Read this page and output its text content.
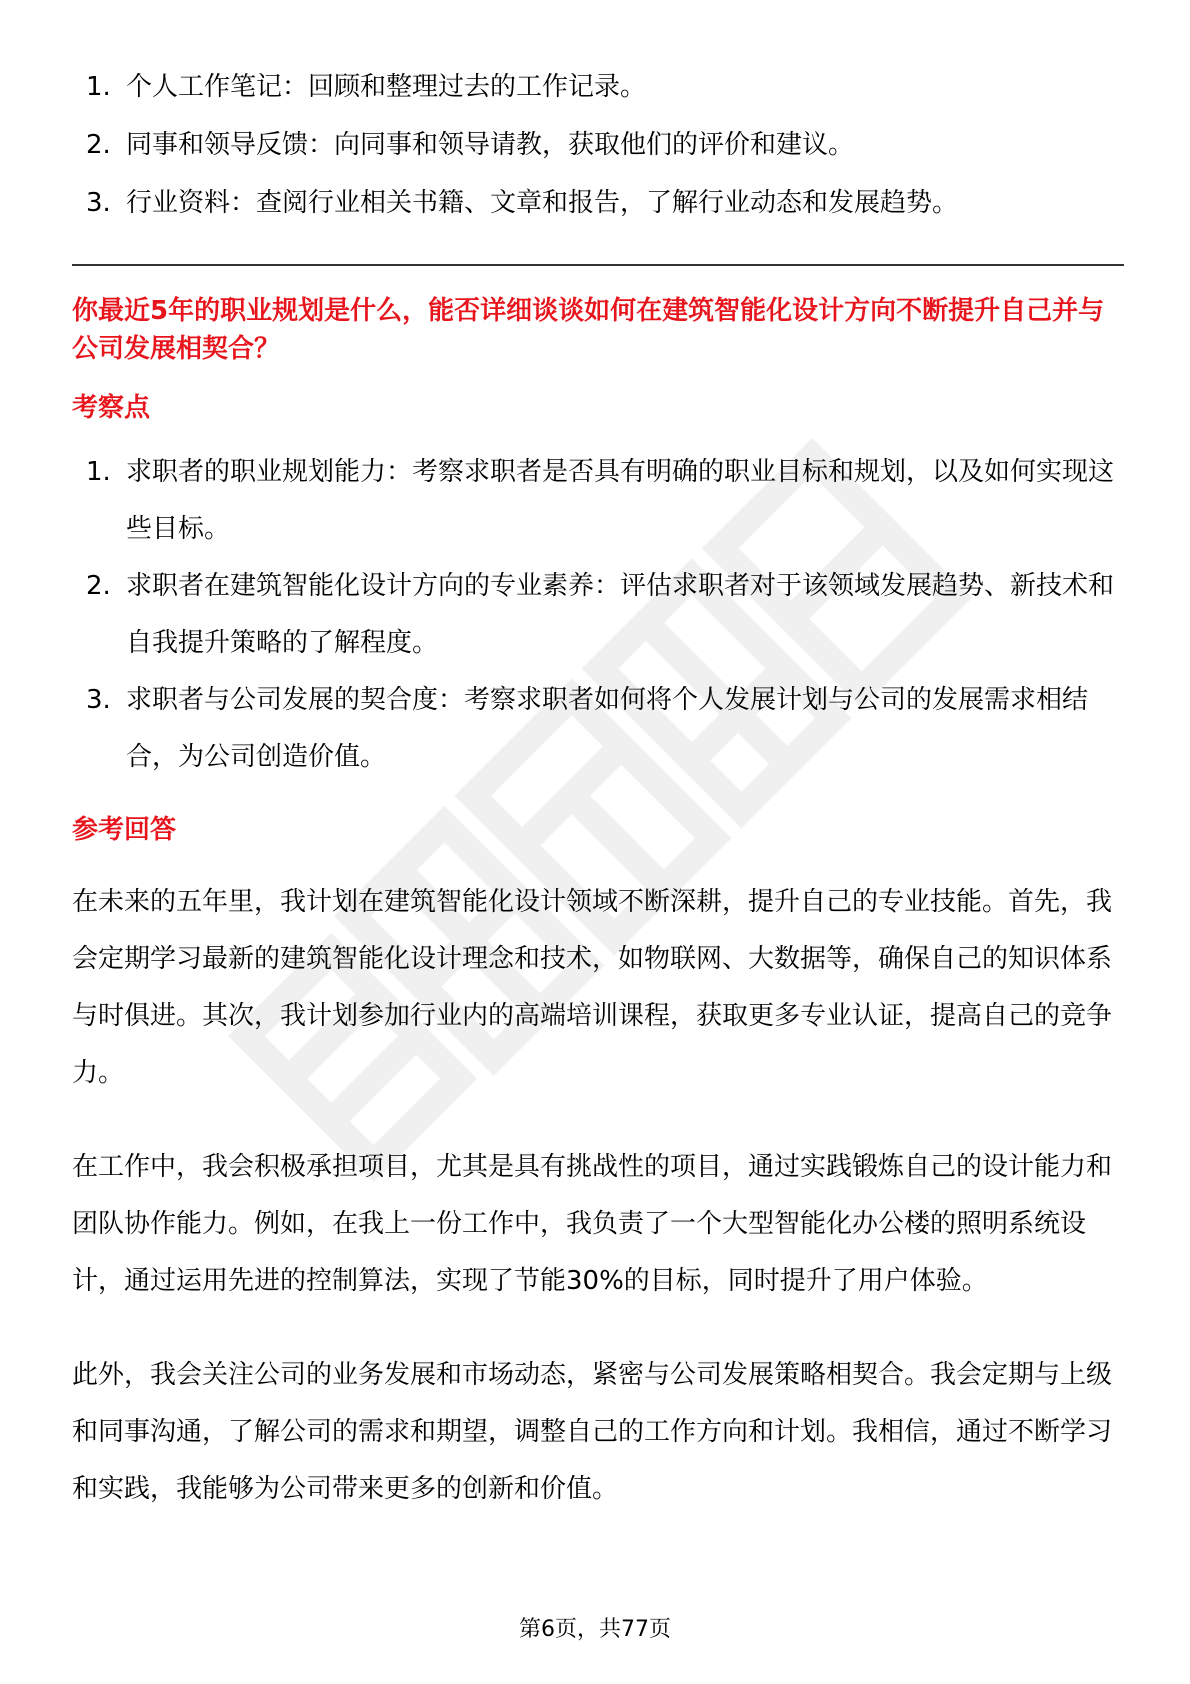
1. 个人工作笔记：回顾和整理过去的工作记录。
2. 同事和领导反馈：向同事和领导请教，获取他们的评价和建议。
3. 行业资料：查阅行业相关书籍、文章和报告，了解行业动态和发展趋势。
你最近5年的职业规划是什么，能否详细谈谈如何在建筑智能化设计方向不断提升自己并与公司发展相契合？
考察点
1. 求职者的职业规划能力：考察求职者是否具有明确的职业目标和规划，以及如何实现这些目标。
2. 求职者在建筑智能化设计方向的专业素养：评估求职者对于该领域发展趋势、新技术和自我提升策略的了解程度。
3. 求职者与公司发展的契合度：考察求职者如何将个人发展计划与公司的发展需求相结合，为公司创造价值。
参考回答

在未来的五年里，我计划在建筑智能化设计领域不断深耕，提升自己的专业技能。首先，我会定期学习最新的建筑智能化设计理念和技术，如物联网、大数据等，确保自己的知识体系与时俱进。其次，我计划参加行业内的高端培训课程，获取更多专业认证，提高自己的竞争力。

在工作中，我会积极承担项目，尤其是具有挑战性的项目，通过实践锻炼自己的设计能力和团队协作能力。例如，在我上一份工作中，我负责了一个大型智能化办公楼的照明系统设计，通过运用先进的控制算法，实现了节能30%的目标，同时提升了用户体验。

此外，我会关注公司的业务发展和市场动态，紧密与公司发展策略相契合。我会定期与上级和同事沟通，了解公司的需求和期望，调整自己的工作方向和计划。我相信，通过不断学习和实践，我能够为公司带来更多的创新和价值。

第6页，共77页
